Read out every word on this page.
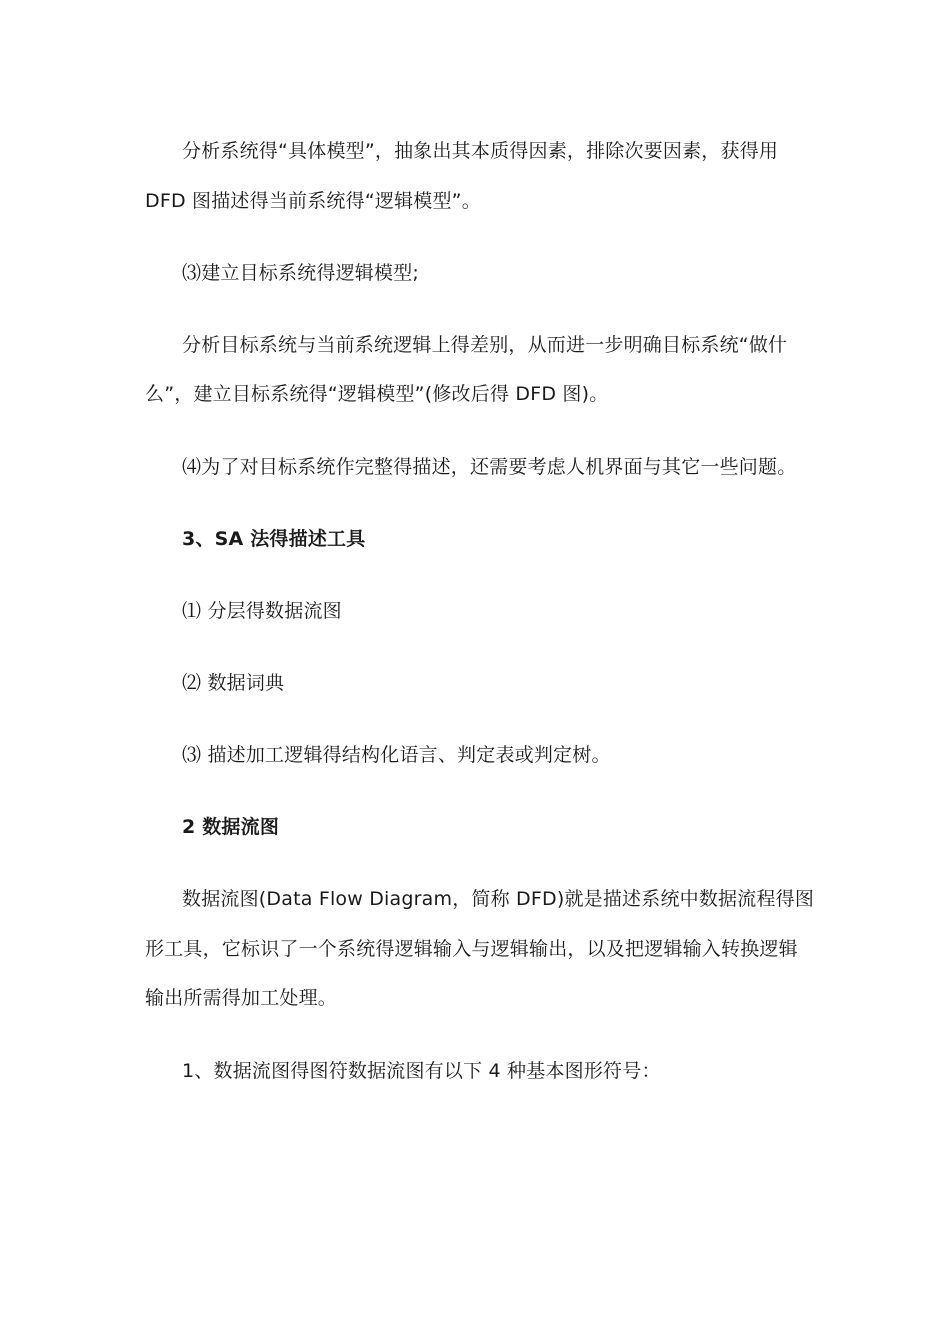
分析系统得“具体模型”，抽象出其本质得因素，排除次要因素，获得用
DFD 图描述得当前系统得“逻辑模型”。
⑶建立目标系统得逻辑模型;
分析目标系统与当前系统逻辑上得差别，从而进一步明确目标系统“做什
么”，建立目标系统得“逻辑模型”(修改后得 DFD 图)。
⑷为了对目标系统作完整得描述，还需要考虑人机界面与其它一些问题。
3、SA 法得描述工具
⑴ 分层得数据流图
⑵ 数据词典
⑶ 描述加工逻辑得结构化语言、判定表或判定树。
2 数据流图
数据流图(Data Flow Diagram，简称 DFD)就是描述系统中数据流程得图
形工具，它标识了一个系统得逻辑输入与逻辑输出，以及把逻辑输入转换逻辑
输出所需得加工处理。
1、数据流图得图符数据流图有以下 4 种基本图形符号：
